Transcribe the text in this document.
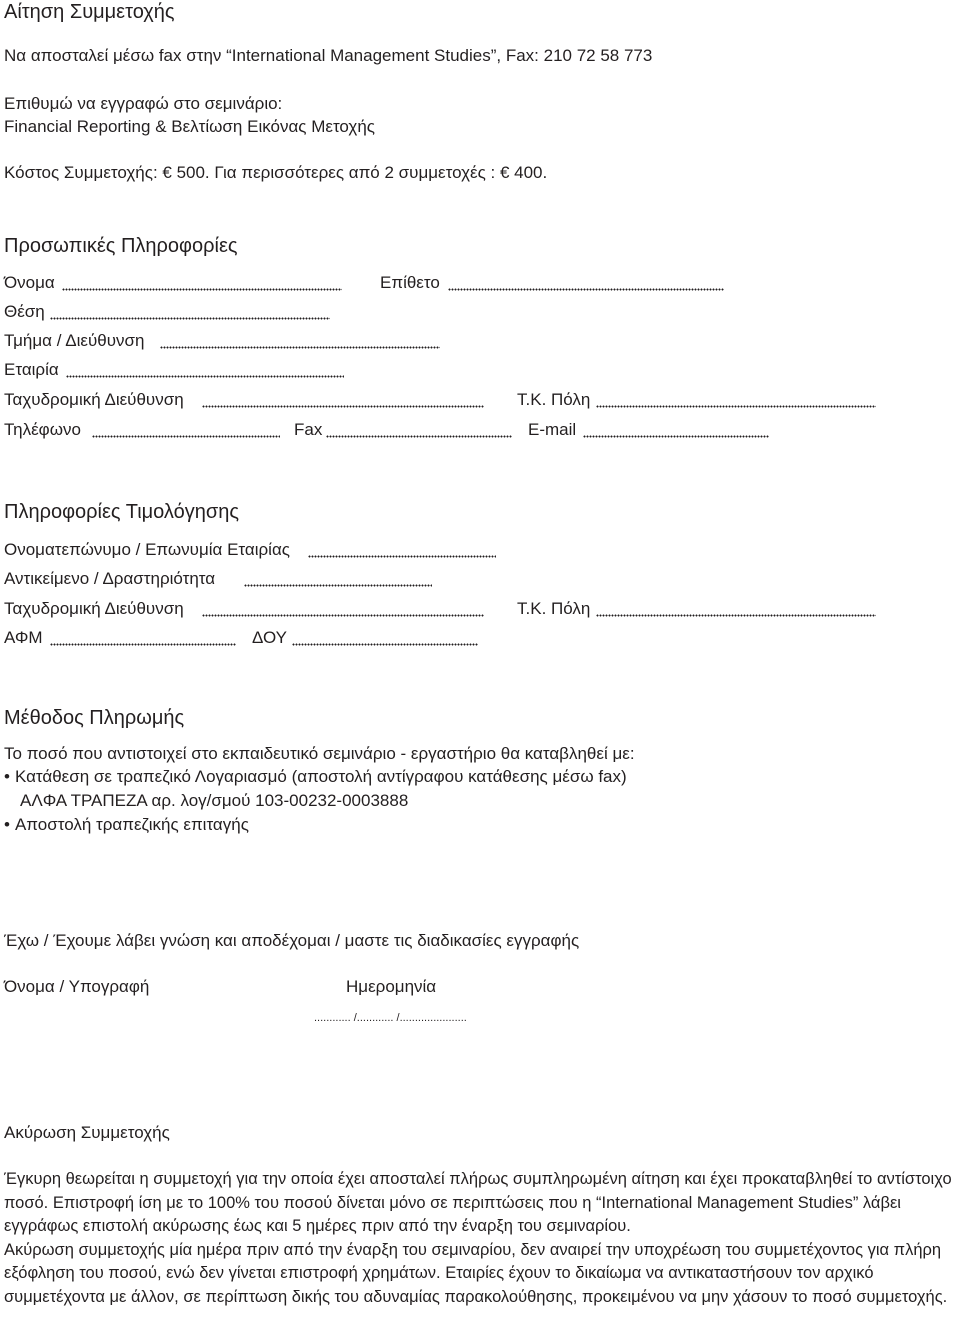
Αίτηση Συμμετοχής
Να αποσταλεί μέσω fax στην “International Management Studies”, Fax: 210 72 58 773
Επιθυμώ να εγγραφώ στο σεμινάριο:
Financial Reporting & Βελτίωση Εικόνας Μετοχής
Κόστος Συμμετοχής: € 500. Για περισσότερες από 2 συμμετοχές : € 400.
Προσωπικές Πληροφορίες
Όνομα	Επίθετο
Θέση
Τμήμα / Διεύθυνση
Εταιρία
Ταχυδρομική Διεύθυνση	Τ.Κ. Πόλη
Τηλέφωνο	Fax	E-mail
Πληροφορίες Τιμολόγησης
Ονοματεπώνυμο / Επωνυμία Εταιρίας
Αντικείμενο / Δραστηριότητα
Ταχυδρομική Διεύθυνση	Τ.Κ. Πόλη
ΑΦΜ	ΔΟΥ
Μέθοδος Πληρωμής
Το ποσό που αντιστοιχεί στο εκπαιδευτικό σεμινάριο - εργαστήριο θα καταβληθεί με:
• Κατάθεση σε τραπεζικό Λογαριασμό (αποστολή αντίγραφου κατάθεσης μέσω fax)
ΑΛΦΑ ΤΡΑΠΕΖΑ αρ. λογ/σμού 103-00232-0003888
• Αποστολή τραπεζικής επιταγής
Έχω / Έχουμε λάβει γνώση και αποδέχομαι / μαστε τις διαδικασίες εγγραφής
Όνομα / Υπογραφή	Ημερομηνία
............ /............ /......................
Ακύρωση Συμμετοχής

Έγκυρη θεωρείται η συμμετοχή για την οποία έχει αποσταλεί πλήρως συμπληρωμένη αίτηση και έχει προκαταβληθεί το αντίστοιχο ποσό. Επιστροφή ίση με το 100% του ποσού δίνεται μόνο σε περιπτώσεις που η “International Management Studies” λάβει εγγράφως επιστολή ακύρωσης έως και 5 ημέρες πριν από την έναρξη του σεμιναρίου.

Ακύρωση συμμετοχής μία ημέρα πριν από την έναρξη του σεμιναρίου, δεν αναιρεί την υποχρέωση του συμμετέχοντος για πλήρη εξόφληση του ποσού, ενώ δεν γίνεται επιστροφή χρημάτων. Εταιρίες έχουν το δικαίωμα να αντικαταστήσουν τον αρχικό συμμετέχοντα με άλλον, σε περίπτωση δικής του αδυναμίας παρακολούθησης, προκειμένου να μην χάσουν το ποσό συμμετοχής.
